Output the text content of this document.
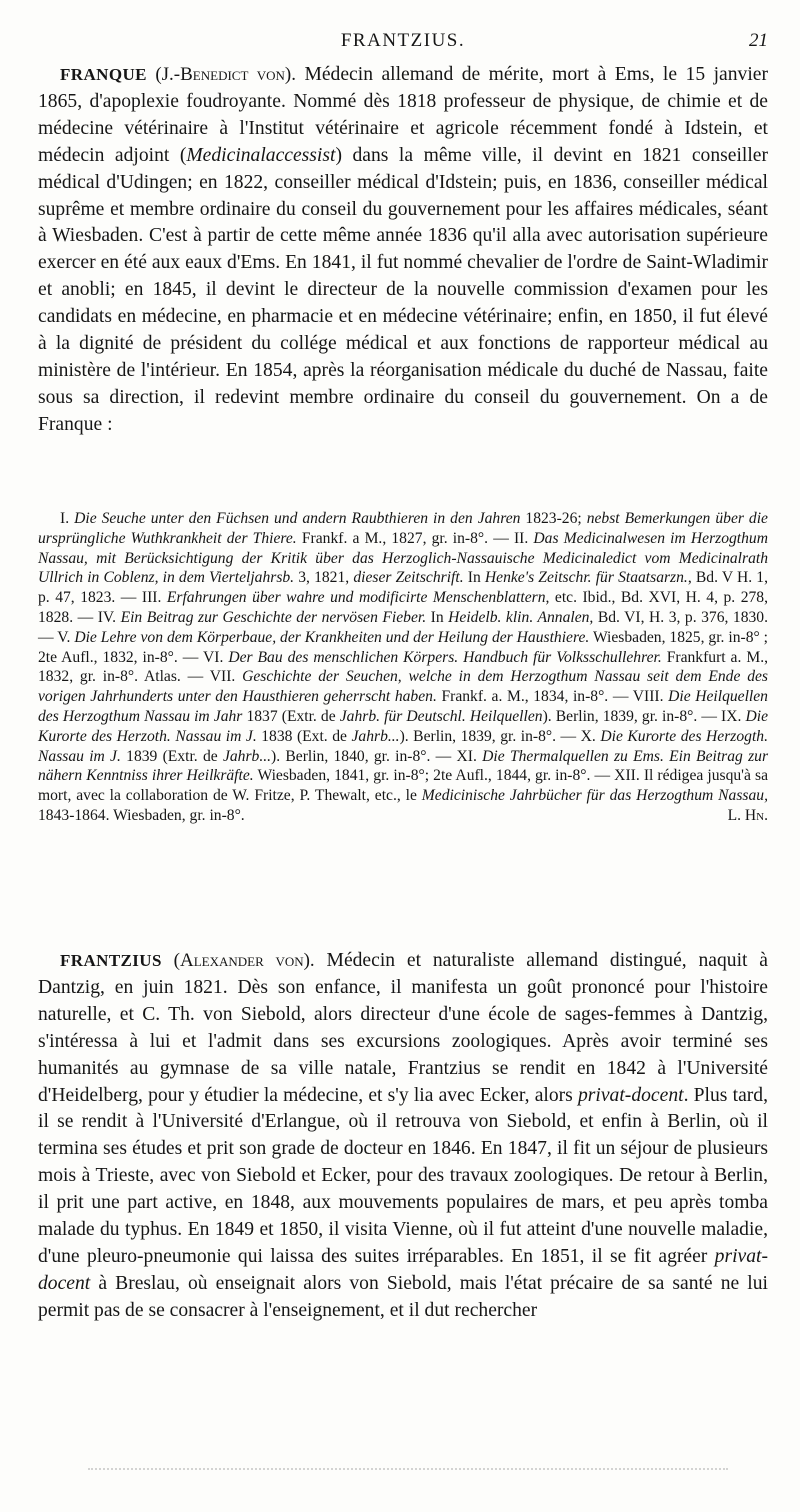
FRANTZIUS.	21

FRANQUE (J.-Benedict von). Médecin allemand de mérite, mort à Ems, le 15 janvier 1865, d'apoplexie foudroyante. Nommé dès 1818 professeur de physique, de chimie et de médecine vétérinaire à l'Institut vétérinaire et agricole récemment fondé à Idstein, et médecin adjoint (Medicinalaccessist) dans la même ville, il devint en 1821 conseiller médical d'Udingen; en 1822, conseiller médical d'Idstein; puis, en 1836, conseiller médical suprême et membre ordinaire du conseil du gouvernement pour les affaires médicales, séant à Wiesbaden. C'est à partir de cette même année 1836 qu'il alla avec autorisation supérieure exercer en été aux eaux d'Ems. En 1841, il fut nommé chevalier de l'ordre de Saint-Wladimir et anobli; en 1845, il devint le directeur de la nouvelle commission d'examen pour les candidats en médecine, en pharmacie et en médecine vétérinaire; enfin, en 1850, il fut élevé à la dignité de président du collége médical et aux fonctions de rapporteur médical au ministère de l'intérieur. En 1854, après la réorganisation médicale du duché de Nassau, faite sous sa direction, il redevint membre ordinaire du conseil du gouvernement. On a de Franque :

I. Die Seuche unter den Füchsen und andern Raubthieren in den Jahren 1823-26; nebst Bemerkungen über die ursprüngliche Wuthkrankheit der Thiere. Frankf. a M., 1827, gr. in-8°. — II. Das Medicinalwesen im Herzogthum Nassau, mit Berücksichtigung der Kritik über das Herzoglich-Nassauische Medicinaledict vom Medicinalrath Ullrich in Coblenz, in dem Vierteljahrsb. 3, 1821, dieser Zeitschrift. In Henke's Zeitschr. für Staatsarzn., Bd. V H. 1, p. 47, 1823. — III. Erfahrungen über wahre und modificirte Menschenblattern, etc. Ibid., Bd. XVI, H. 4, p. 278, 1828. — IV. Ein Beitrag zur Geschichte der nervösen Fieber. In Heidelb. klin. Annalen, Bd. VI, H. 3, p. 376, 1830. — V. Die Lehre von dem Körperbaue, der Krankheiten und der Heilung der Hausthiere. Wiesbaden, 1825, gr. in-8° ; 2te Aufl., 1832, in-8°. — VI. Der Bau des menschlichen Körpers. Handbuch für Volksschullehrer. Frankfurt a. M., 1832, gr. in-8°. Atlas. — VII. Geschichte der Seuchen, welche in dem Herzogthum Nassau seit dem Ende des vorigen Jahrhunderts unter den Hausthieren geherrscht haben. Frankf. a. M., 1834, in-8°. — VIII. Die Heilquellen des Herzogthum Nassau im Jahr 1837 (Extr. de Jahrb. für Deutschl. Heilquellen). Berlin, 1839, gr. in-8°. — IX. Die Kurorte des Herzoth. Nassau im J. 1838 (Ext. de Jahrb...). Berlin, 1839, gr. in-8°. — X. Die Kurorte des Herzogth. Nassau im J. 1839 (Extr. de Jahrb...). Berlin, 1840, gr. in-8°. — XI. Die Thermalquellen zu Ems. Ein Beitrag zur nähern Kenntniss ihrer Heilkräfte. Wiesbaden, 1841, gr. in-8°; 2te Aufl., 1844, gr. in-8°. — XII. Il rédigea jusqu'à sa mort, avec la collaboration de W. Fritze, P. Thewalt, etc., le Medicinische Jahrbücher für das Herzogthum Nassau, 1843-1864. Wiesbaden, gr. in-8°.	L. Hn.

FRANTZIUS (Alexander von). Médecin et naturaliste allemand distingué, naquit à Dantzig, en juin 1821. Dès son enfance, il manifesta un goût prononcé pour l'histoire naturelle, et C. Th. von Siebold, alors directeur d'une école de sages-femmes à Dantzig, s'intéressa à lui et l'admit dans ses excursions zoologiques. Après avoir terminé ses humanités au gymnase de sa ville natale, Frantzius se rendit en 1842 à l'Université d'Heidelberg, pour y étudier la médecine, et s'y lia avec Ecker, alors privat-docent. Plus tard, il se rendit à l'Université d'Erlangue, où il retrouva von Siebold, et enfin à Berlin, où il termina ses études et prit son grade de docteur en 1846. En 1847, il fit un séjour de plusieurs mois à Trieste, avec von Siebold et Ecker, pour des travaux zoologiques. De retour à Berlin, il prit une part active, en 1848, aux mouvements populaires de mars, et peu après tomba malade du typhus. En 1849 et 1850, il visita Vienne, où il fut atteint d'une nouvelle maladie, d'une pleuro-pneumonie qui laissa des suites irréparables. En 1851, il se fit agréer privat-docent à Breslau, où enseignait alors von Siebold, mais l'état précaire de sa santé ne lui permit pas de se consacrer à l'enseignement, et il dut rechercher
